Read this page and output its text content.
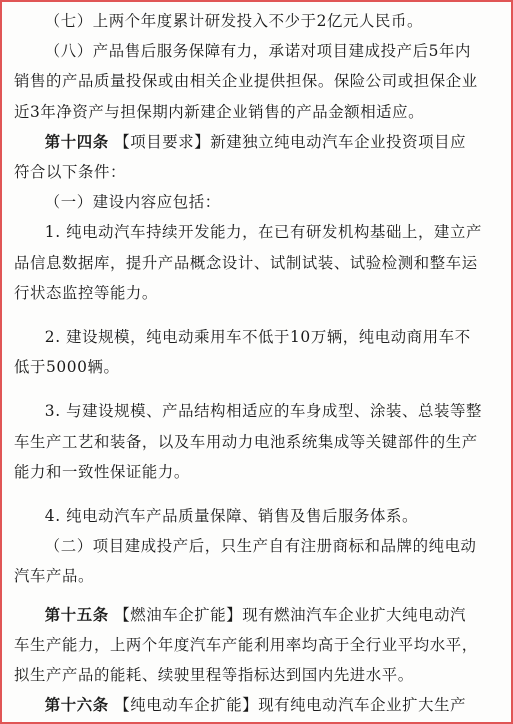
（七）上两个年度累计研发投入不少于2亿元人民币。

（八）产品售后服务保障有力，承诺对项目建成投产后5年内
销售的产品质量投保或由相关企业提供担保。保险公司或担保企业
近3年净资产与担保期内新建企业销售的产品金额相适应。

第十四条 【项目要求】新建独立纯电动汽车企业投资项目应
符合以下条件：

（一）建设内容应包括：

1. 纯电动汽车持续开发能力，在已有研发机构基础上，建立产
品信息数据库，提升产品概念设计、试制试装、试验检测和整车运
行状态监控等能力。

2. 建设规模，纯电动乘用车不低于10万辆，纯电动商用车不
低于5000辆。

3. 与建设规模、产品结构相适应的车身成型、涂装、总装等整
车生产工艺和装备，以及车用动力电池系统集成等关键部件的生产
能力和一致性保证能力。

4. 纯电动汽车产品质量保障、销售及售后服务体系。

（二）项目建成投产后，只生产自有注册商标和品牌的纯电动
汽车产品。

第十五条 【燃油车企扩能】现有燃油汽车企业扩大纯电动汽
车生产能力，上两个年度汽车产能利用率均高于全行业平均水平，
拟生产产品的能耗、续驶里程等指标达到国内先进水平。

第十六条 【纯电动车企扩能】现有纯电动汽车企业扩大生产
